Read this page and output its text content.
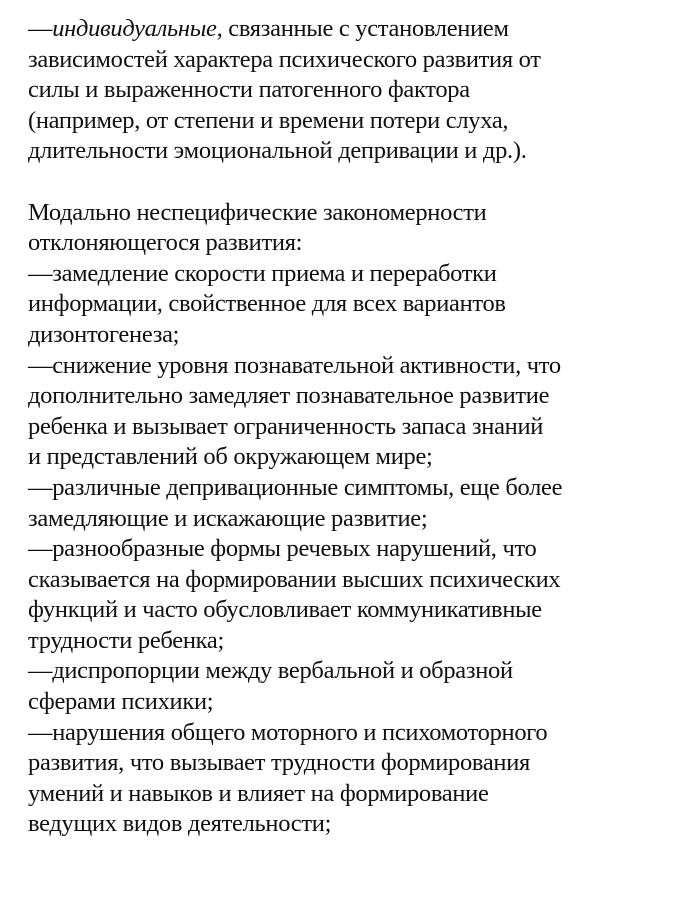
—индивидуальные, связанные с установлением
зависимостей характера психического развития от
силы и выраженности патогенного фактора
(например, от степени и времени потери слуха,
длительности эмоциональной депривации и др.).
Модально неспецифические закономерности
отклоняющегося развития:
—замедление скорости приема и переработки
информации, свойственное для всех вариантов
дизонтогенеза;
—снижение уровня познавательной активности, что
дополнительно замедляет познавательное развитие
ребенка и вызывает ограниченность запаса знаний
и представлений об окружающем мире;
—различные депривационные симптомы, еще более
замедляющие и искажающие развитие;
—разнообразные формы речевых нарушений, что
сказывается на формировании высших психических
функций и часто обусловливает коммуникативные
трудности ребенка;
—диспропорции между вербальной и образной
сферами психики;
—нарушения общего моторного и психомоторного
развития, что вызывает трудности формирования
умений и навыков и влияет на формирование
ведущих видов деятельности;
